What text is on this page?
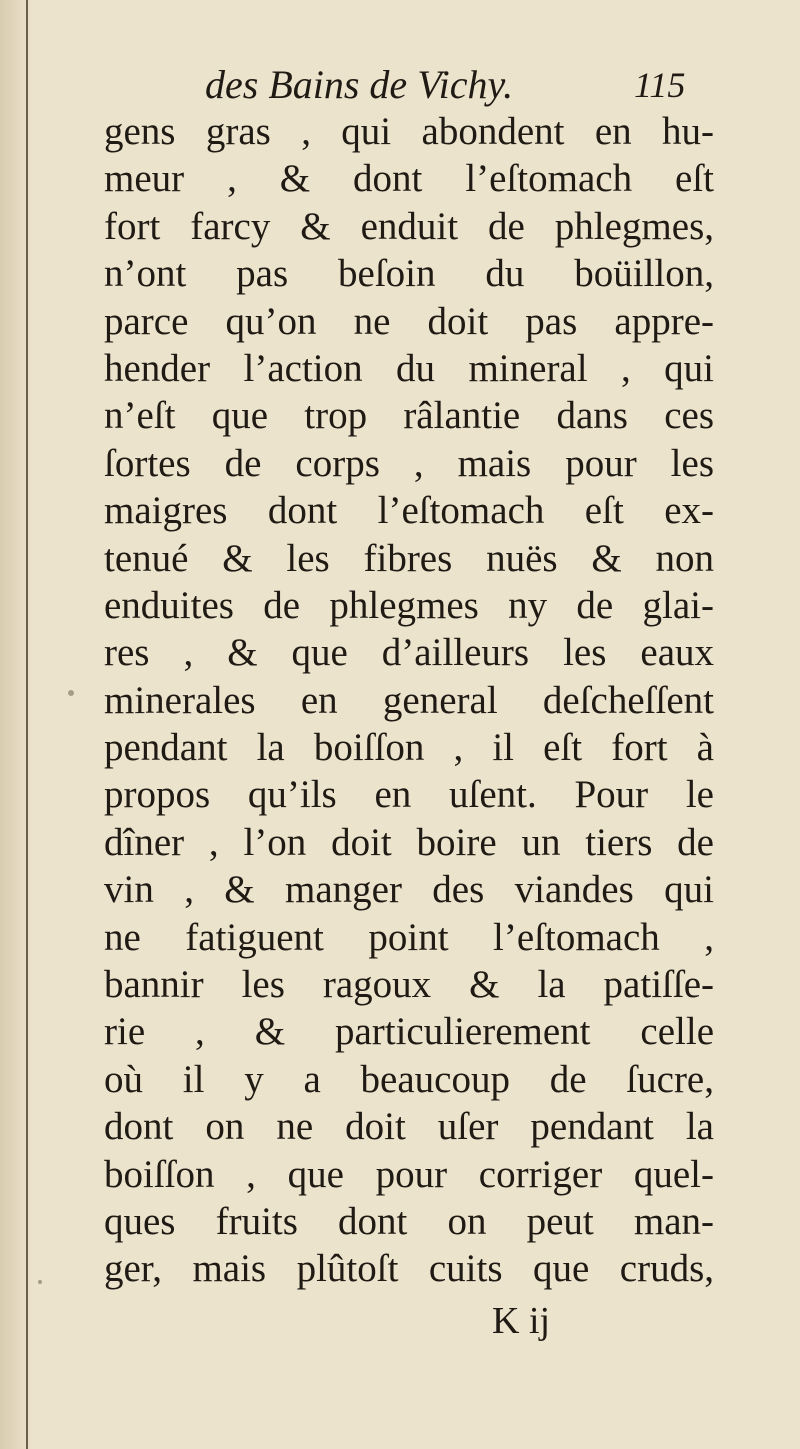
des Bains de Vichy.	115
gens gras , qui abondent en hu-
meur , & dont l’eſtomach eſt
fort farcy & enduit de phlegmes,
n’ont pas beſoin du boüillon,
parce qu’on ne doit pas appre-
hender l’action du mineral , qui
n’eſt que trop râlantie dans ces
ſortes de corps , mais pour les
maigres dont l’eſtomach eſt ex-
tenué & les fibres nuës & non
enduites de phlegmes ny de glai-
res , & que d’ailleurs les eaux
minerales en general deſcheſſent
pendant la boiſſon , il eſt fort à
propos qu’ils en uſent. Pour le
dîner , l’on doit boire un tiers de
vin , & manger des viandes qui
ne fatiguent point l’eſtomach ,
bannir les ragoux & la patiſſe-
rie , & particulierement celle
où il y a beaucoup de ſucre,
dont on ne doit uſer pendant la
boiſſon , que pour corriger quel-
ques fruits dont on peut man-
ger, mais plûtoſt cuits que cruds,
K ij
